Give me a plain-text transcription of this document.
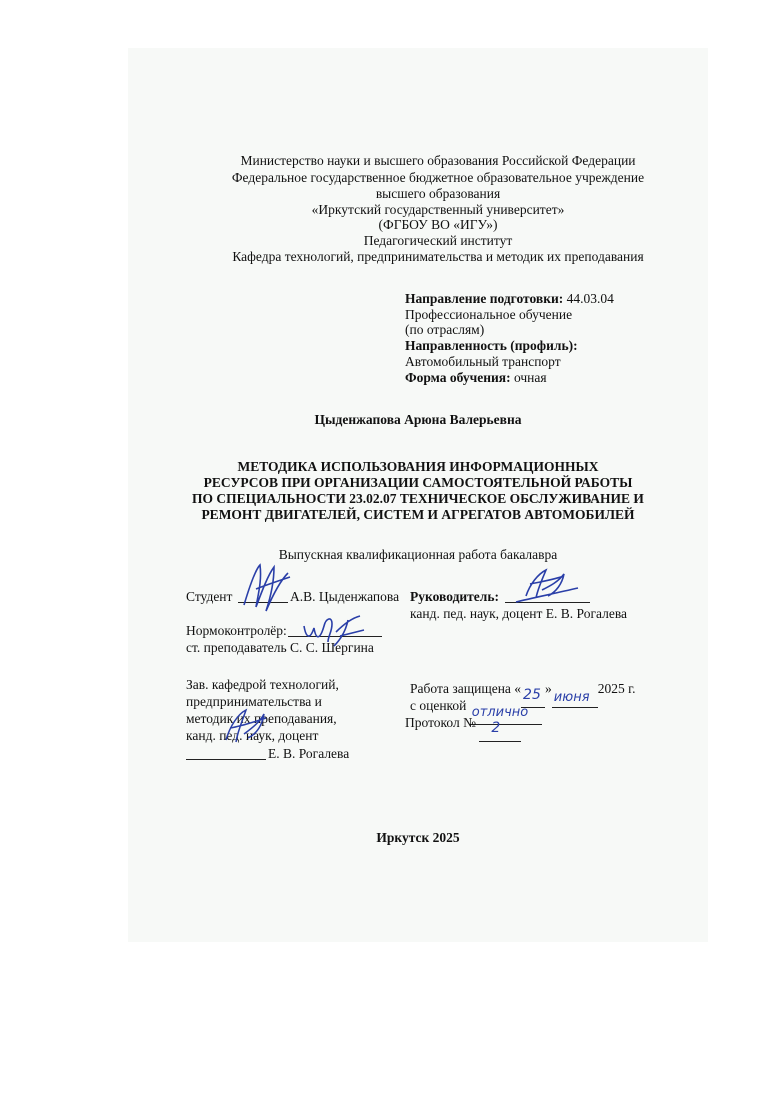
Министерство науки и высшего образования Российской Федерации
Федеральное государственное бюджетное образовательное учреждение
высшего образования
«Иркутский государственный университет»
(ФГБОУ ВО «ИГУ»)
Педагогический институт
Кафедра технологий, предпринимательства и методик их преподавания
Направление подготовки: 44.03.04
Профессиональное обучение
(по отраслям)
Направленность (профиль):
Автомобильный транспорт
Форма обучения: очная
Цыденжапова Арюна Валерьевна
МЕТОДИКА ИСПОЛЬЗОВАНИЯ ИНФОРМАЦИОННЫХ
РЕСУРСОВ ПРИ ОРГАНИЗАЦИИ САМОСТОЯТЕЛЬНОЙ РАБОТЫ
ПО СПЕЦИАЛЬНОСТИ 23.02.07 ТЕХНИЧЕСКОЕ ОБСЛУЖИВАНИЕ И
РЕМОНТ ДВИГАТЕЛЕЙ, СИСТЕМ И АГРЕГАТОВ АВТОМОБИЛЕЙ
Выпускная квалификационная работа бакалавра
Студент	А.В. Цыденжапова Руководитель:
канд. пед. наук, доцент Е. В. Рогалева
Нормоконтролёр:
ст. преподаватель С. С. Шергина
Зав. кафедрой технологий,
предпринимательства и
методик их преподавания,
канд. пед. наук, доцент
Е. В. Рогалева
Работа защищена « 25 »
июня
2025 г.
с оценкой отлично
Протокол № 2
Иркутск 2025
